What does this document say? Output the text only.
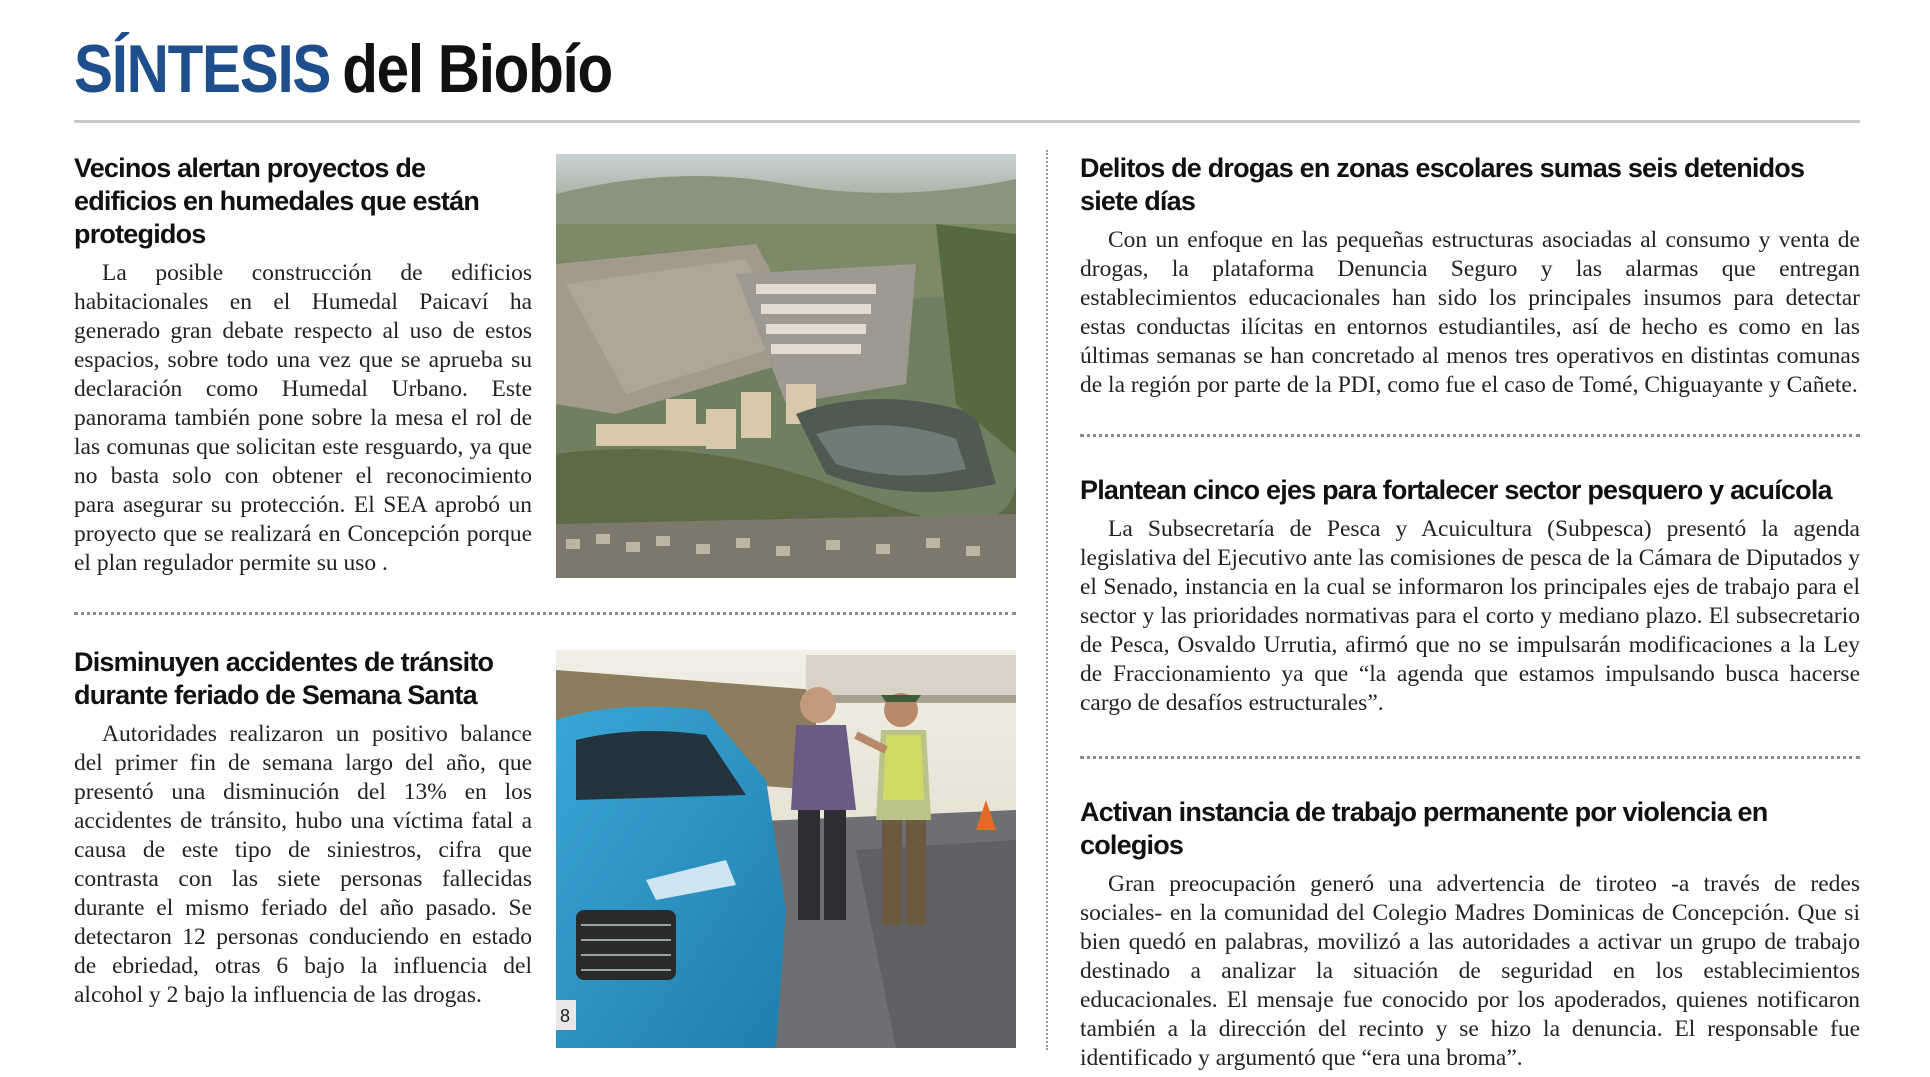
SÍNTESIS del Biobío
Vecinos alertan proyectos de edificios en humedales que están protegidos

La posible construcción de edificios habitacionales en el Humedal Paicaví ha generado gran debate respecto al uso de estos espacios, sobre todo una vez que se aprueba su declaración como Humedal Urbano. Este panorama también pone sobre la mesa el rol de las comunas que solicitan este resguardo, ya que no basta solo con obtener el reconocimiento para asegurar su protección. El SEA aprobó un proyecto que se realizará en Concepción porque el plan regulador permite su uso .

Disminuyen accidentes de tránsito durante feriado de Semana Santa

Autoridades realizaron un positivo balance del primer fin de semana largo del año, que presentó una disminución del 13% en los accidentes de tránsito, hubo una víctima fatal a causa de este tipo de siniestros, cifra que contrasta con las siete personas fallecidas durante el mismo feriado del año pasado. Se detectaron 12 personas conduciendo en estado de ebriedad, otras 6 bajo la influencia del alcohol y 2 bajo la influencia de las drogas.

8
Delitos de drogas en zonas escolares sumas seis detenidos siete días

Con un enfoque en las pequeñas estructuras asociadas al consumo y venta de drogas, la plataforma Denuncia Seguro y las alarmas que entregan establecimientos educacionales han sido los principales insumos para detectar estas conductas ilícitas en entornos estudiantiles, así de hecho es como en las últimas semanas se han concretado al menos tres operativos en distintas comunas de la región por parte de la PDI, como fue el caso de Tomé, Chiguayante y Cañete.

Plantean cinco ejes para fortalecer sector pesquero y acuícola

La Subsecretaría de Pesca y Acuicultura (Subpesca) presentó la agenda legislativa del Ejecutivo ante las comisiones de pesca de la Cámara de Diputados y el Senado, instancia en la cual se informaron los principales ejes de trabajo para el sector y las prioridades normativas para el corto y mediano plazo. El subsecretario de Pesca, Osvaldo Urrutia, afirmó que no se impulsarán modificaciones a la Ley de Fraccionamiento ya que “la agenda que estamos impulsando busca hacerse cargo de desafíos estructurales”.

Activan instancia de trabajo permanente por violencia en colegios

Gran preocupación generó una advertencia de tiroteo -a través de redes sociales- en la comunidad del Colegio Madres Dominicas de Concepción. Que si bien quedó en palabras, movilizó a las autoridades a activar un grupo de trabajo destinado a analizar la situación de seguridad en los establecimientos educacionales. El mensaje fue conocido por los apoderados, quienes notificaron también a la dirección del recinto y se hizo la denuncia. El responsable fue identificado y argumentó que “era una broma”.
